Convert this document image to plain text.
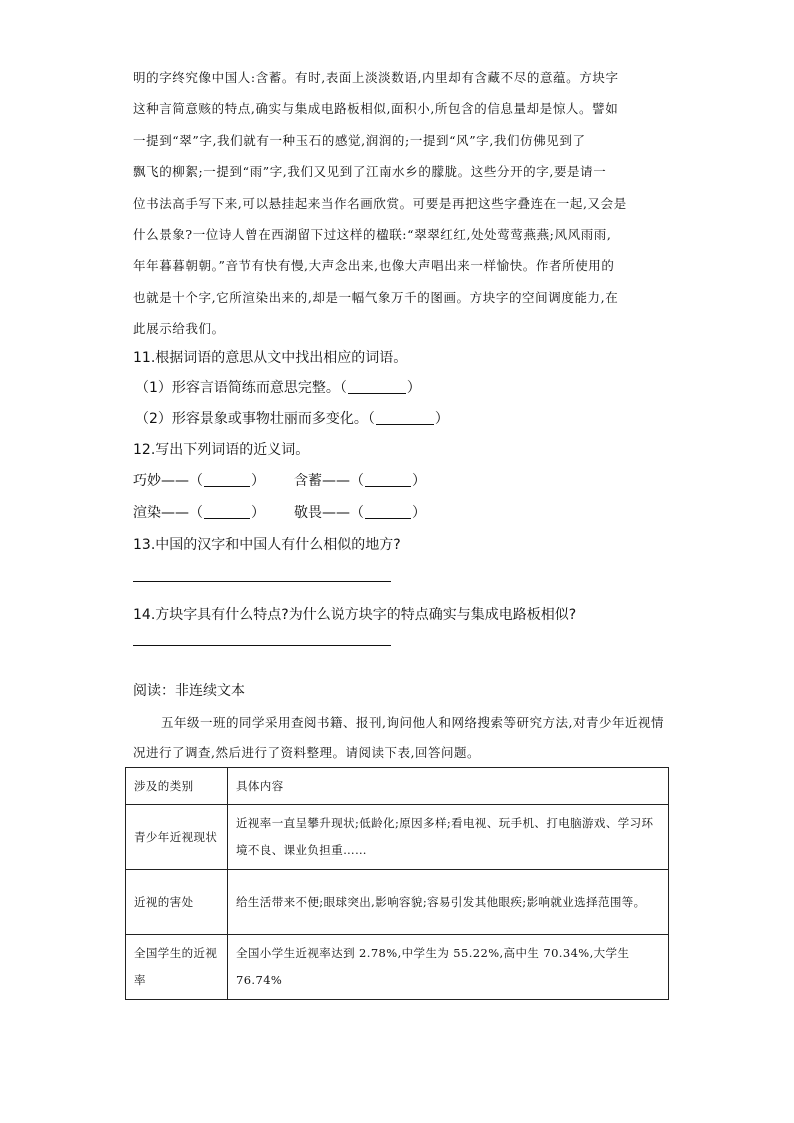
明的字终究像中国人:含蓄。有时,表面上淡淡数语,内里却有含藏不尽的意蕴。方块字

这种言简意赅的特点,确实与集成电路板相似,面积小,所包含的信息量却是惊人。譬如

一提到“翠”字,我们就有一种玉石的感觉,润润的;一提到“风”字,我们仿佛见到了

飘飞的柳絮;一提到“雨”字,我们又见到了江南水乡的朦胧。这些分开的字,要是请一

位书法高手写下来,可以悬挂起来当作名画欣赏。可要是再把这些字叠连在一起,又会是

什么景象?一位诗人曾在西湖留下过这样的楹联:“翠翠红红,处处莺莺燕燕;风风雨雨,

年年暮暮朝朝。”音节有快有慢,大声念出来,也像大声唱出来一样愉快。作者所使用的

也就是十个字,它所渲染出来的,却是一幅气象万千的图画。方块字的空间调度能力,在

此展示给我们。

11.根据词语的意思从文中找出相应的词语。
（1）形容言语简练而意思完整。（	）
（2）形容景象或事物壮丽而多变化。（	）
12.写出下列词语的近义词。
巧妙——（	） 含蓄——（	）
渲染——（	） 敬畏——（	）
13.中国的汉字和中国人有什么相似的地方?
14.方块字具有什么特点?为什么说方块字的特点确实与集成电路板相似?
阅读：非连续文本

五年级一班的同学采用查阅书籍、报刊,询问他人和网络搜索等研究方法,对青少年近视情况进行了调查,然后进行了资料整理。请阅读下表,回答问题。

涉及的类别	具体内容
青少年近视现状	近视率一直呈攀升现状;低龄化;原因多样;看电视、玩手机、打电脑游戏、学习环境不良、课业负担重……
近视的害处	给生活带来不便;眼球突出,影响容貌;容易引发其他眼疾;影响就业选择范围等。
全国学生的近视率	全国小学生近视率达到 2.78%,中学生为 55.22%,高中生 70.34%,大学生 76.74%
